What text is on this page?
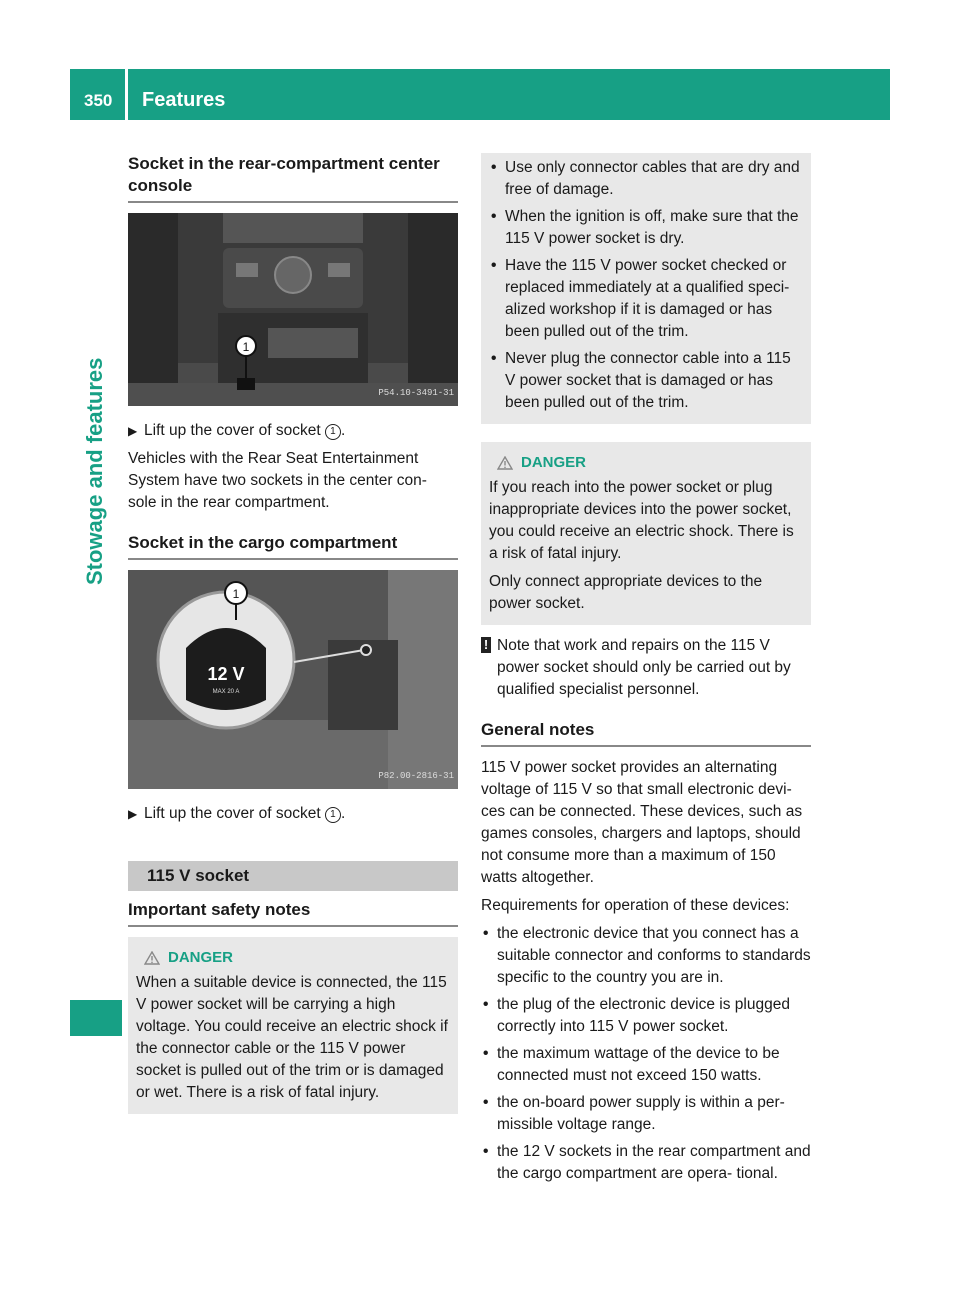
350 Features
Stowage and features
Socket in the rear-compartment center console
1
P54.10-3491-31
▶ Lift up the cover of socket 1 .

Vehicles with the Rear Seat Entertainment System have two sockets in the center con- sole in the rear compartment.

Socket in the cargo compartment
12 V
MAX 20 A
1
P82.00-2816-31
▶ Lift up the cover of socket 1 .
115 V socket
Important safety notes
DANGER

When a suitable device is connected, the 115 V power socket will be carrying a high voltage. You could receive an electric shock if the connector cable or the 115 V power socket is pulled out of the trim or is damaged or wet. There is a risk of fatal injury.

• Use only connector cables that are dry and free of damage.
• When the ignition is off, make sure that the 115 V power socket is dry.
• Have the 115 V power socket checked or replaced immediately at a qualified speci- alized workshop if it is damaged or has been pulled out of the trim.
• Never plug the connector cable into a 115 V power socket that is damaged or has been pulled out of the trim.
DANGER

If you reach into the power socket or plug inappropriate devices into the power socket, you could receive an electric shock. There is a risk of fatal injury.

Only connect appropriate devices to the power socket.

! Note that work and repairs on the 115 V power socket should only be carried out by qualified specialist personnel.
General notes

115 V power socket provides an alternating voltage of 115 V so that small electronic devi- ces can be connected. These devices, such as games consoles, chargers and laptops, should not consume more than a maximum of 150 watts altogether.

Requirements for operation of these devices:

• the electronic device that you connect has a suitable connector and conforms to standards specific to the country you are in.
• the plug of the electronic device is plugged correctly into 115 V power socket.
• the maximum wattage of the device to be connected must not exceed 150 watts.
• the on-board power supply is within a per- missible voltage range.
• the 12 V sockets in the rear compartment and the cargo compartment are opera- tional.
